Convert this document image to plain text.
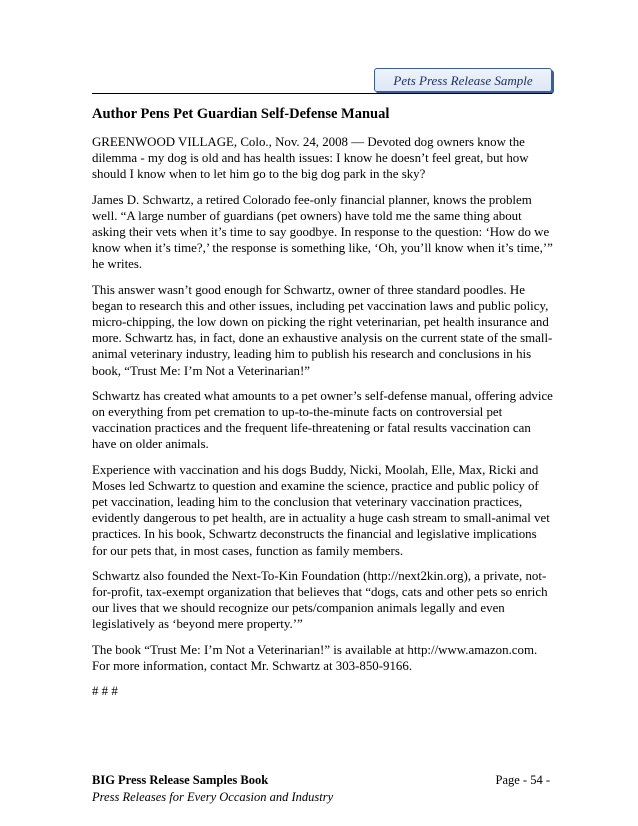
Pets Press Release Sample
Author Pens Pet Guardian Self-Defense Manual

GREENWOOD VILLAGE, Colo., Nov. 24, 2008 — Devoted dog owners know the dilemma - my dog is old and has health issues: I know he doesn’t feel great, but how should I know when to let him go to the big dog park in the sky?

James D. Schwartz, a retired Colorado fee-only financial planner, knows the problem well. “A large number of guardians (pet owners) have told me the same thing about asking their vets when it’s time to say goodbye. In response to the question: ‘How do we know when it’s time?,’ the response is something like, ‘Oh, you’ll know when it’s time,’” he writes.

This answer wasn’t good enough for Schwartz, owner of three standard poodles. He began to research this and other issues, including pet vaccination laws and public policy, micro-chipping, the low down on picking the right veterinarian, pet health insurance and more. Schwartz has, in fact, done an exhaustive analysis on the current state of the small-animal veterinary industry, leading him to publish his research and conclusions in his book, “Trust Me: I’m Not a Veterinarian!”

Schwartz has created what amounts to a pet owner’s self-defense manual, offering advice on everything from pet cremation to up-to-the-minute facts on controversial pet vaccination practices and the frequent life-threatening or fatal results vaccination can have on older animals.

Experience with vaccination and his dogs Buddy, Nicki, Moolah, Elle, Max, Ricki and Moses led Schwartz to question and examine the science, practice and public policy of pet vaccination, leading him to the conclusion that veterinary vaccination practices, evidently dangerous to pet health, are in actuality a huge cash stream to small-animal vet practices. In his book, Schwartz deconstructs the financial and legislative implications for our pets that, in most cases, function as family members.

Schwartz also founded the Next-To-Kin Foundation (http://next2kin.org), a private, not-for-profit, tax-exempt organization that believes that “dogs, cats and other pets so enrich our lives that we should recognize our pets/companion animals legally and even legislatively as ‘beyond mere property.’”

The book “Trust Me: I’m Not a Veterinarian!” is available at http://www.amazon.com. For more information, contact Mr. Schwartz at 303-850-9166.

# # #

BIG Press Release Samples Book
Press Releases for Every Occasion and Industry
Page - 54 -
